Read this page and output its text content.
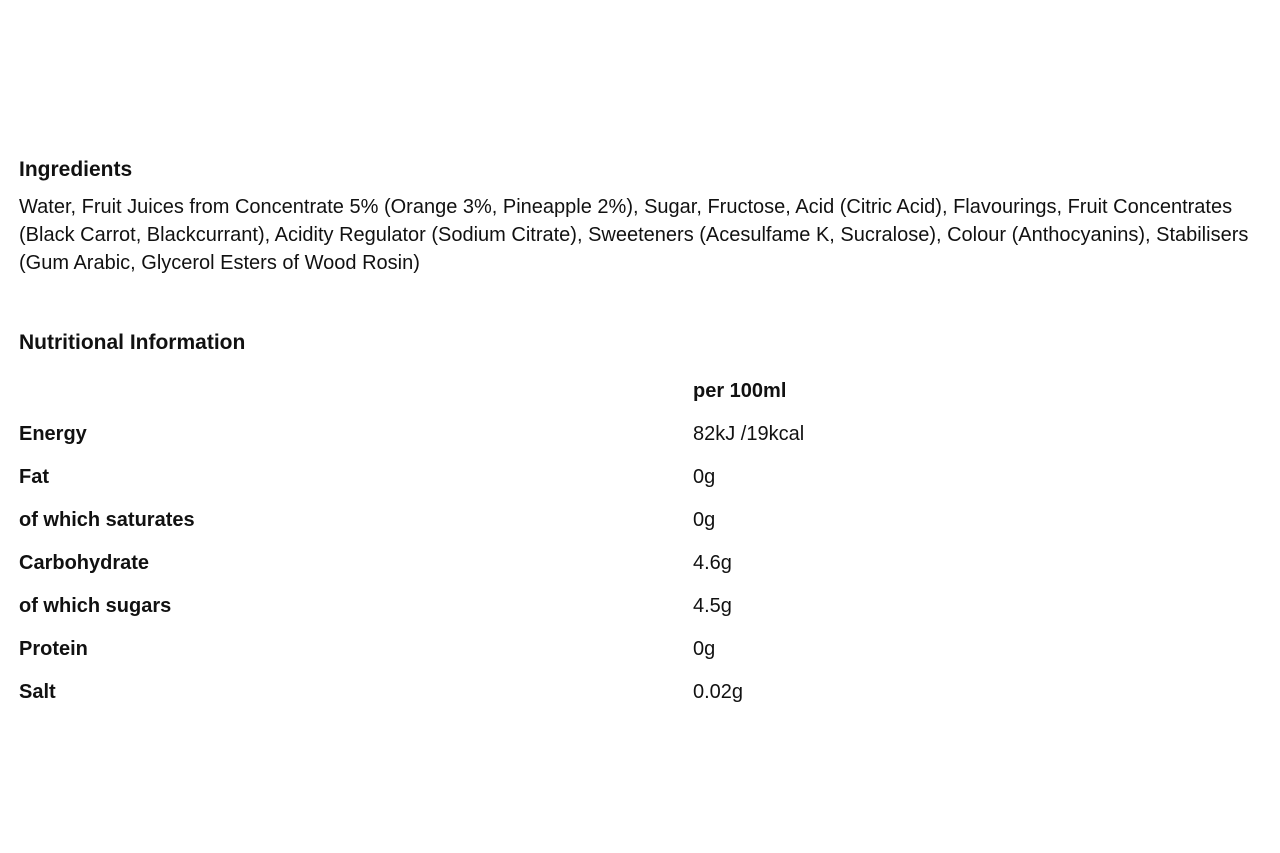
Ingredients

Water, Fruit Juices from Concentrate 5% (Orange 3%, Pineapple 2%), Sugar, Fructose, Acid (Citric Acid), Flavourings, Fruit Concentrates (Black Carrot, Blackcurrant), Acidity Regulator (Sodium Citrate), Sweeteners (Acesulfame K, Sucralose), Colour (Anthocyanins), Stabilisers (Gum Arabic, Glycerol Esters of Wood Rosin)

Nutritional Information
	per 100ml
Energy	82kJ /19kcal
Fat	0g
of which saturates	0g
Carbohydrate	4.6g
of which sugars	4.5g
Protein	0g
Salt	0.02g
